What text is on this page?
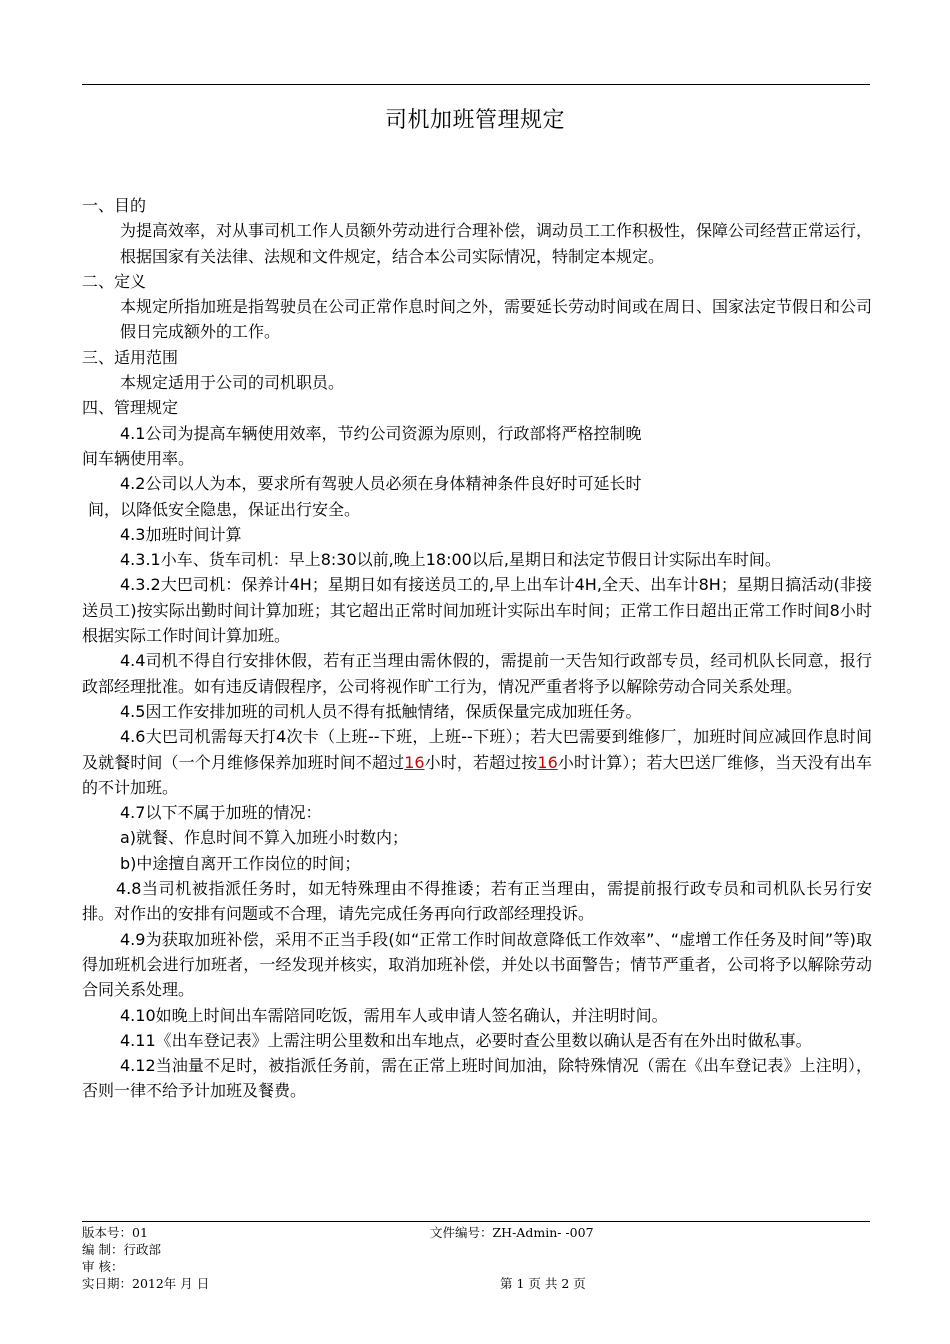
司机加班管理规定

一、目的

为提高效率，对从事司机工作人员额外劳动进行合理补偿，调动员工工作积极性，保障公司经营正常运行，根据国家有关法律、法规和文件规定，结合本公司实际情况，特制定本规定。

二、定义

本规定所指加班是指驾驶员在公司正常作息时间之外，需要延长劳动时间或在周日、国家法定节假日和公司假日完成额外的工作。

三、适用范围

本规定适用于公司的司机职员。

四、管理规定

4.1公司为提高车辆使用效率，节约公司资源为原则，行政部将严格控制晚

间车辆使用率。

4.2公司以人为本，要求所有驾驶人员必须在身体精神条件良好时可延长时

间，以降低安全隐患，保证出行安全。

4.3加班时间计算

4.3.1小车、货车司机：早上8:30以前,晚上18:00以后,星期日和法定节假日计实际出车时间。

4.3.2大巴司机：保养计4H；星期日如有接送员工的,早上出车计4H,全天、出车计8H；星期日搞活动(非接送员工)按实际出勤时间计算加班；其它超出正常时间加班计实际出车时间；正常工作日超出正常工作时间8小时根据实际工作时间计算加班。

4.4司机不得自行安排休假，若有正当理由需休假的，需提前一天告知行政部专员，经司机队长同意，报行政部经理批准。如有违反请假程序，公司将视作旷工行为，情况严重者将予以解除劳动合同关系处理。

4.5因工作安排加班的司机人员不得有抵触情绪，保质保量完成加班任务。

4.6大巴司机需每天打4次卡（上班--下班，上班--下班）；若大巴需要到维修厂，加班时间应减回作息时间及就餐时间（一个月维修保养加班时间不超过16小时，若超过按16小时计算）；若大巴送厂维修，当天没有出车的不计加班。

4.7以下不属于加班的情况：

a)就餐、作息时间不算入加班小时数内；

b)中途擅自离开工作岗位的时间；

4.8当司机被指派任务时，如无特殊理由不得推诿；若有正当理由，需提前报行政专员和司机队长另行安排。对作出的安排有问题或不合理，请先完成任务再向行政部经理投诉。

4.9为获取加班补偿，采用不正当手段(如“正常工作时间故意降低工作效率”、“虚增工作任务及时间”等)取得加班机会进行加班者，一经发现并核实，取消加班补偿，并处以书面警告；情节严重者，公司将予以解除劳动合同关系处理。

4.10如晚上时间出车需陪同吃饭，需用车人或申请人签名确认，并注明时间。

4.11《出车登记表》上需注明公里数和出车地点，必要时查公里数以确认是否有在外出时做私事。

4.12当油量不足时，被指派任务前，需在正常上班时间加油，除特殊情况（需在《出车登记表》上注明），否则一律不给予计加班及餐费。

版本号：01	文件编号：ZH-Admin- -007
编 制：行政部
审 核：
实日期：2012年 月 日	第 1 页 共 2 页
